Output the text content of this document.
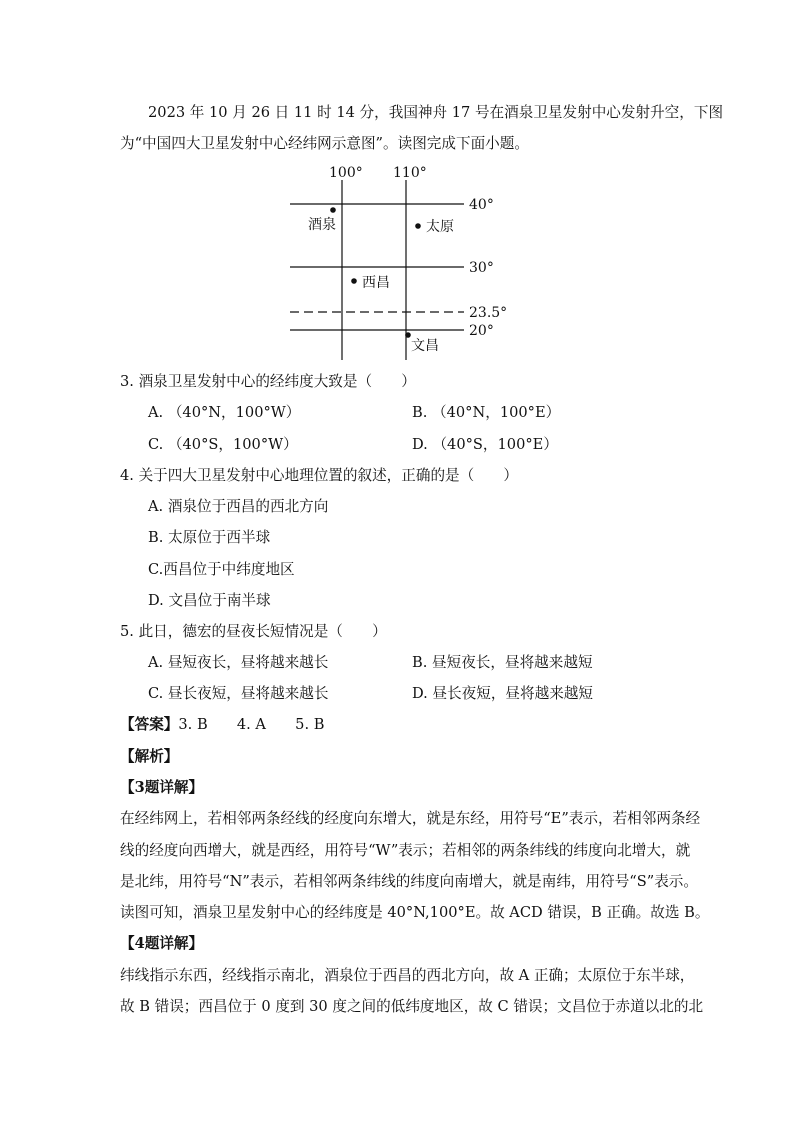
2023 年 10 月 26 日 11 时 14 分，我国神舟 17 号在酒泉卫星发射中心发射升空，下图
为“中国四大卫星发射中心经纬网示意图”。读图完成下面小题。
100° 110°
40°
30°
23.5°
20°
酒泉	太原
西昌
文昌
3. 酒泉卫星发射中心的经纬度大致是（　　）
A. （40°N，100°W）	B. （40°N，100°E）
C. （40°S，100°W）	D. （40°S，100°E）
4. 关于四大卫星发射中心地理位置的叙述，正确的是（　　）
A. 酒泉位于西昌的西北方向
B. 太原位于西半球
C.西昌位于中纬度地区
D. 文昌位于南半球
5. 此日，德宏的昼夜长短情况是（　　）
A. 昼短夜长，昼将越来越长	B. 昼短夜长，昼将越来越短
C. 昼长夜短，昼将越来越长	D. 昼长夜短，昼将越来越短
【答案】3. B　　4. A　　5. B
【解析】
【3题详解】
在经纬网上，若相邻两条经线的经度向东增大，就是东经，用符号“E”表示，若相邻两条经
线的经度向西增大，就是西经，用符号“W”表示；若相邻的两条纬线的纬度向北增大，就
是北纬，用符号“N”表示，若相邻两条纬线的纬度向南增大，就是南纬，用符号“S”表示。
读图可知，酒泉卫星发射中心的经纬度是 40°N,100°E。故 ACD 错误，B 正确。故选 B。
【4题详解】
纬线指示东西，经线指示南北，酒泉位于西昌的西北方向，故 A 正确；太原位于东半球，
故 B 错误；西昌位于 0 度到 30 度之间的低纬度地区，故 C 错误；文昌位于赤道以北的北
